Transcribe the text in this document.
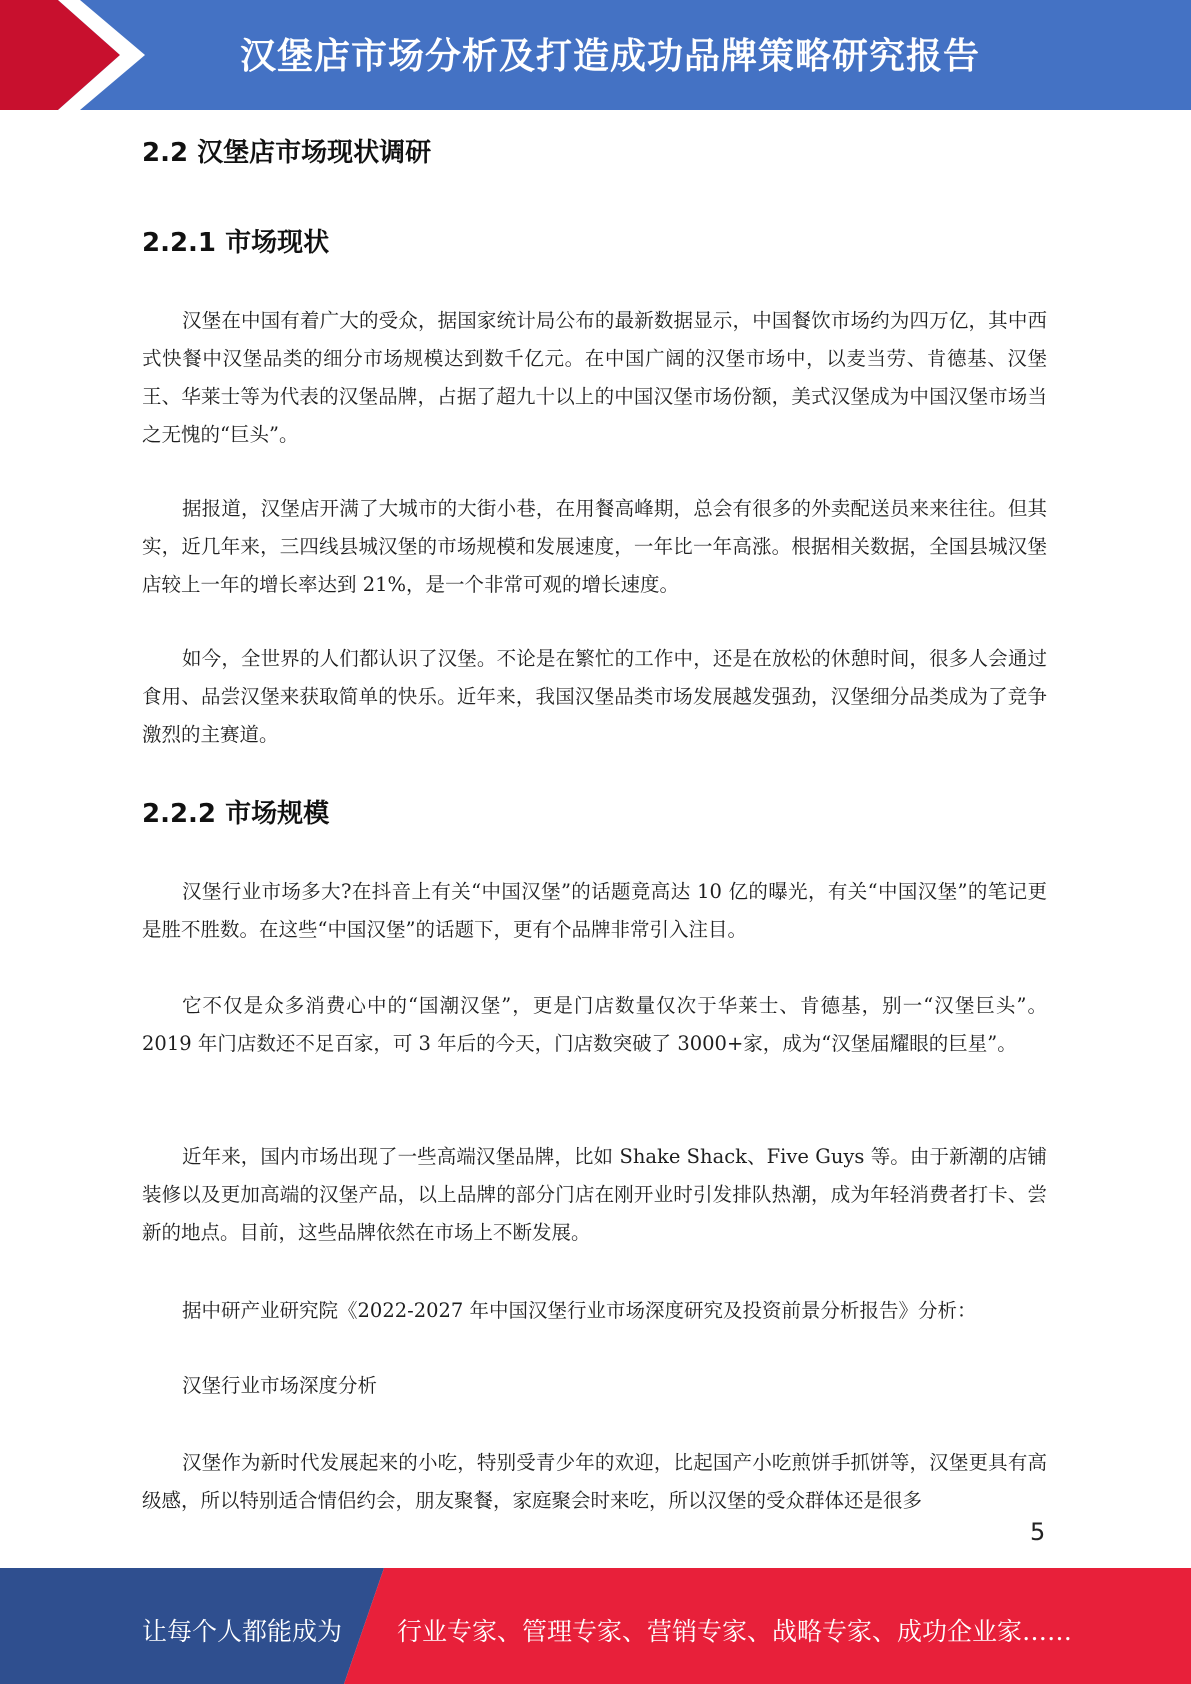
汉堡店市场分析及打造成功品牌策略研究报告
2.2 汉堡店市场现状调研
2.2.1 市场现状
汉堡在中国有着广大的受众，据国家统计局公布的最新数据显示，中国餐饮市场约为四万亿，其中西式快餐中汉堡品类的细分市场规模达到数千亿元。在中国广阔的汉堡市场中，以麦当劳、肯德基、汉堡王、华莱士等为代表的汉堡品牌，占据了超九十以上的中国汉堡市场份额，美式汉堡成为中国汉堡市场当之无愧的“巨头”。
据报道，汉堡店开满了大城市的大街小巷，在用餐高峰期，总会有很多的外卖配送员来来往往。但其实，近几年来，三四线县城汉堡的市场规模和发展速度，一年比一年高涨。根据相关数据，全国县城汉堡店较上一年的增长率达到 21%，是一个非常可观的增长速度。
如今，全世界的人们都认识了汉堡。不论是在繁忙的工作中，还是在放松的休憩时间，很多人会通过食用、品尝汉堡来获取简单的快乐。近年来，我国汉堡品类市场发展越发强劲，汉堡细分品类成为了竞争激烈的主赛道。
2.2.2 市场规模
汉堡行业市场多大?在抖音上有关“中国汉堡”的话题竟高达 10 亿的曝光，有关“中国汉堡”的笔记更是胜不胜数。在这些“中国汉堡”的话题下，更有个品牌非常引入注目。
它不仅是众多消费心中的“国潮汉堡”，更是门店数量仅次于华莱士、肯德基，别一“汉堡巨头”。2019 年门店数还不足百家，可 3 年后的今天，门店数突破了 3000+家，成为“汉堡届耀眼的巨星”。
近年来，国内市场出现了一些高端汉堡品牌，比如 Shake Shack、Five Guys 等。由于新潮的店铺装修以及更加高端的汉堡产品，以上品牌的部分门店在刚开业时引发排队热潮，成为年轻消费者打卡、尝新的地点。目前，这些品牌依然在市场上不断发展。
据中研产业研究院《2022-2027 年中国汉堡行业市场深度研究及投资前景分析报告》分析：
汉堡行业市场深度分析
汉堡作为新时代发展起来的小吃，特别受青少年的欢迎，比起国产小吃煎饼手抓饼等，汉堡更具有高级感，所以特别适合情侣约会，朋友聚餐，家庭聚会时来吃，所以汉堡的受众群体还是很多
5
让每个人都能成为 行业专家、管理专家、营销专家、战略专家、成功企业家……
